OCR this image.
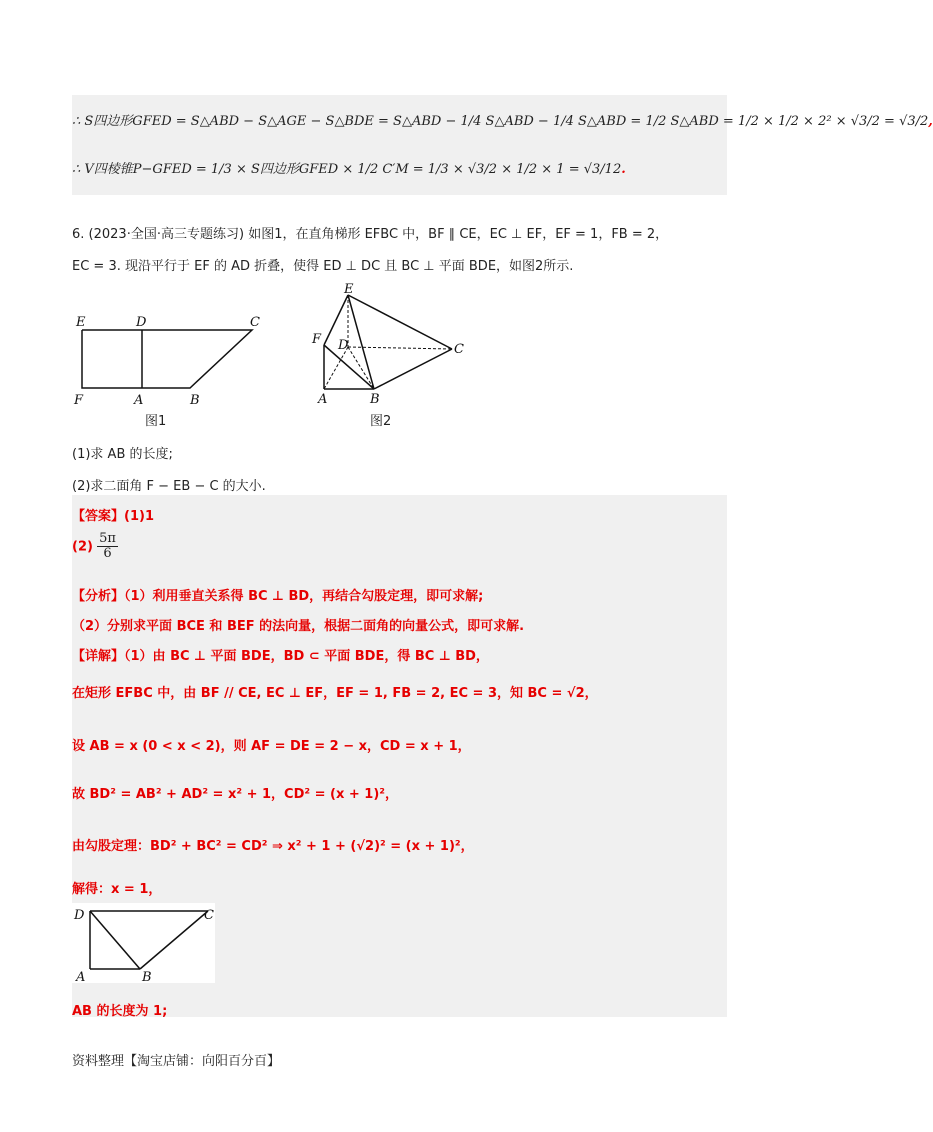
∴ S四边形GFED = S△ABD − S△AGE − S△BDE = S△ABD − 1/4 S△ABD − 1/4 S△ABD = 1/2 S△ABD = 1/2 × 1/2 × 2² × √3/2 = √3/2,
∴ V四棱锥P−GFED = 1/3 × S四边形GFED × 1/2 C′M = 1/3 × √3/2 × 1/2 × 1 = √3/12.
6. (2023·全国·高三专题练习) 如图1，在直角梯形 EFBC 中，BF ∥ CE，EC ⊥ EF，EF = 1，FB = 2，
EC = 3. 现沿平行于 EF 的 AD 折叠，使得 ED ⊥ DC 且 BC ⊥ 平面 BDE，如图2所示.
E	D	C
F	A	B
图1
E
F D	C
A	B
图2
(1)求 AB 的长度;
(2)求二面角 F − EB − C 的大小.
【答案】(1)1
$(2) \frac{5\pi}{6}$
【分析】（1）利用垂直关系得 BC ⊥ BD，再结合勾股定理，即可求解;
（2）分别求平面 BCE 和 BEF 的法向量，根据二面角的向量公式，即可求解.
【详解】（1）由 BC ⊥ 平面 BDE，BD ⊂ 平面 BDE，得 BC ⊥ BD，
在矩形 EFBC 中，由 BF // CE, EC ⊥ EF，EF = 1, FB = 2, EC = 3，知 BC = √2，
设 AB = x (0 < x < 2)，则 AF = DE = 2 − x，CD = x + 1，
故 BD² = AB² + AD² = x² + 1，CD² = (x + 1)²，
由勾股定理：BD² + BC² = CD² ⇒ x² + 1 + (√2)² = (x + 1)²，
解得：x = 1，
D	C
A	B
AB 的长度为 1;
资料整理【淘宝店铺：向阳百分百】
